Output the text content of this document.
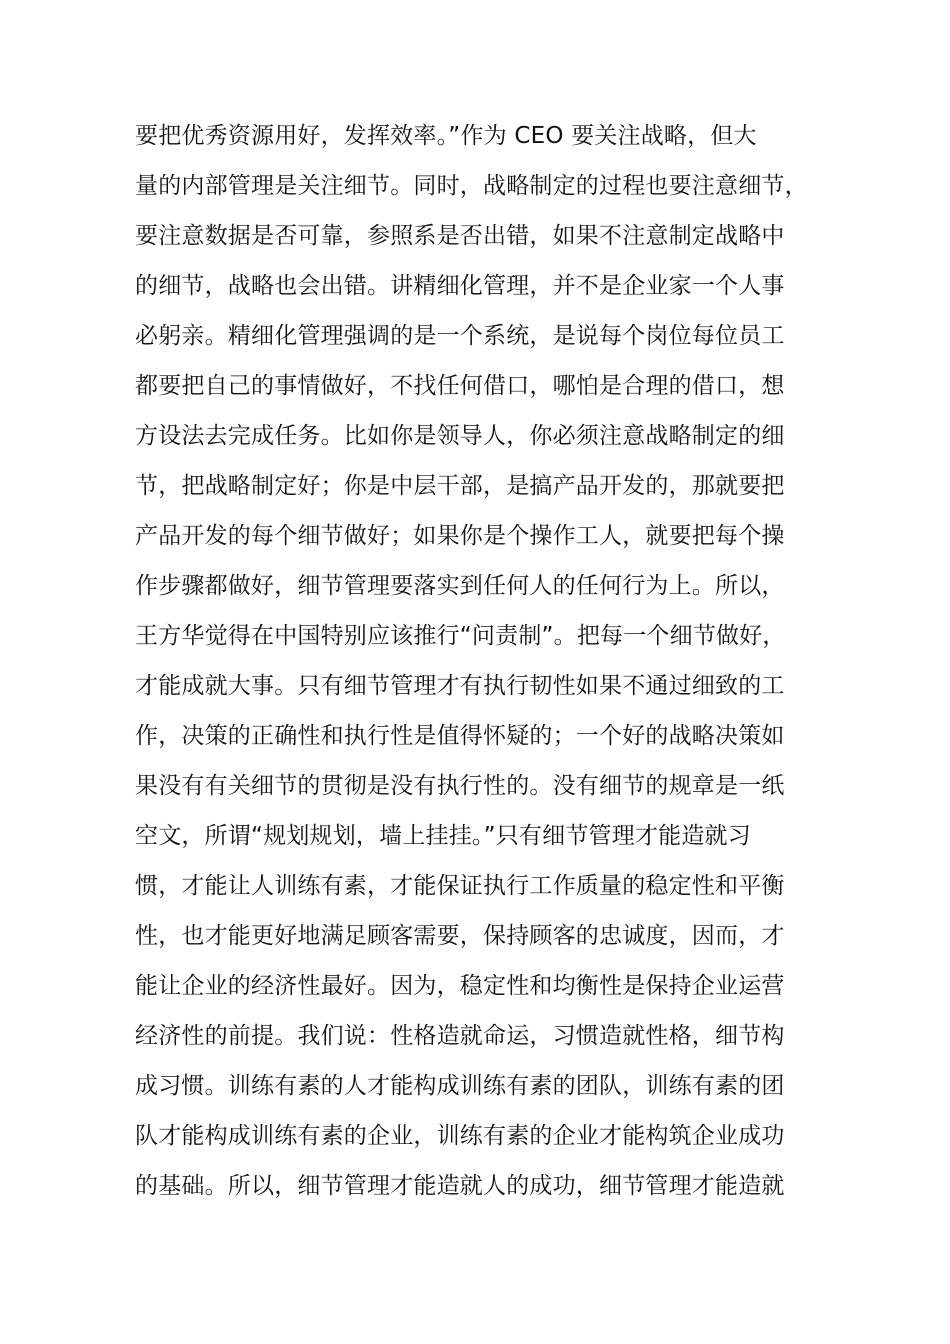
要把优秀资源用好，发挥效率。”作为 CEO 要关注战略，但大
量的内部管理是关注细节。同时，战略制定的过程也要注意细节，
要注意数据是否可靠，参照系是否出错，如果不注意制定战略中
的细节，战略也会出错。讲精细化管理，并不是企业家一个人事
必躬亲。精细化管理强调的是一个系统，是说每个岗位每位员工
都要把自己的事情做好，不找任何借口，哪怕是合理的借口，想
方设法去完成任务。比如你是领导人，你必须注意战略制定的细
节，把战略制定好；你是中层干部，是搞产品开发的，那就要把
产品开发的每个细节做好；如果你是个操作工人，就要把每个操
作步骤都做好，细节管理要落实到任何人的任何行为上。所以，
王方华觉得在中国特别应该推行“问责制”。把每一个细节做好，
才能成就大事。只有细节管理才有执行韧性如果不通过细致的工
作，决策的正确性和执行性是值得怀疑的；一个好的战略决策如
果没有有关细节的贯彻是没有执行性的。没有细节的规章是一纸
空文，所谓“规划规划，墙上挂挂。”只有细节管理才能造就习
惯，才能让人训练有素，才能保证执行工作质量的稳定性和平衡
性，也才能更好地满足顾客需要，保持顾客的忠诚度，因而，才
能让企业的经济性最好。因为，稳定性和均衡性是保持企业运营
经济性的前提。我们说：性格造就命运，习惯造就性格，细节构
成习惯。训练有素的人才能构成训练有素的团队，训练有素的团
队才能构成训练有素的企业，训练有素的企业才能构筑企业成功
的基础。所以，细节管理才能造就人的成功，细节管理才能造就
